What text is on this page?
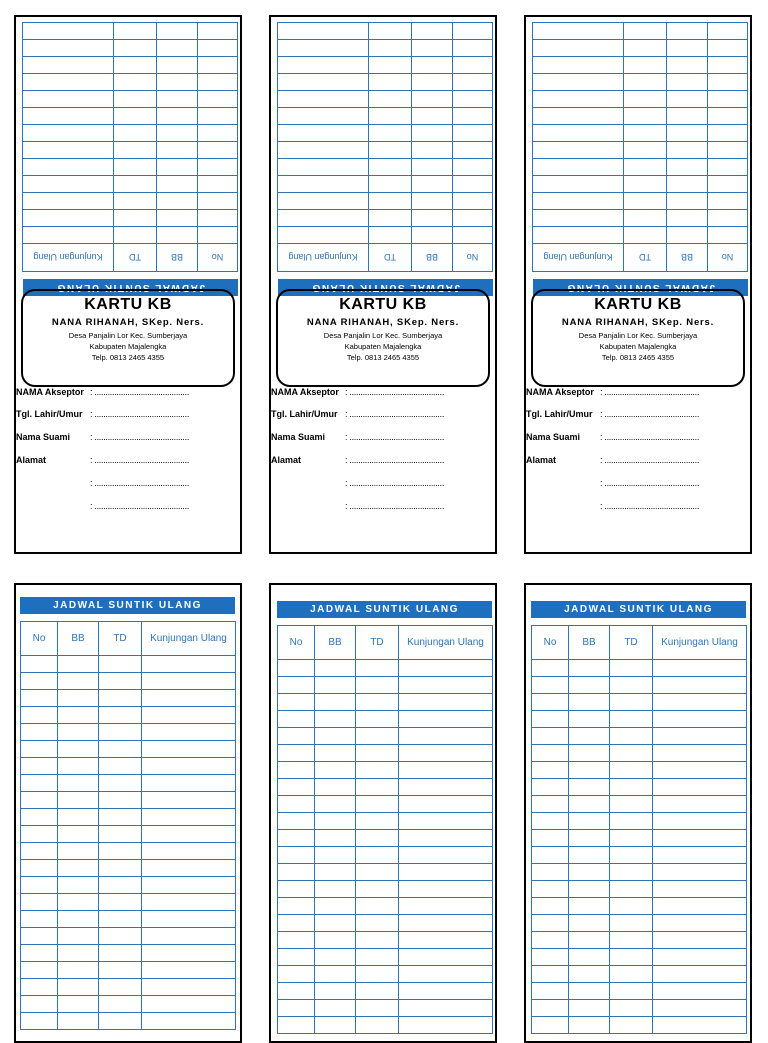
JADWAL SUNTIK ULANG
No	BB	TD	Kunjungan Ulang

KARTU KB
NANA RIHANAH, SKep. Ners.
Desa Panjalin Lor Kec. Sumberjaya
Kabupaten Majalengka
Telp. 0813 2465 4355
NAMA Akseptor : ...........................................
Tgl. Lahir/Umur : ...........................................
Nama Suami : ...........................................
Alamat	: ...........................................
: ...........................................
: ...........................................
JADWAL SUNTIK ULANG
No	BB	TD	Kunjungan Ulang

KARTU KB
NANA RIHANAH, SKep. Ners.
Desa Panjalin Lor Kec. Sumberjaya
Kabupaten Majalengka
Telp. 0813 2465 4355
NAMA Akseptor : ...........................................
Tgl. Lahir/Umur : ...........................................
Nama Suami : ...........................................
Alamat	: ...........................................
: ...........................................
: ...........................................
JADWAL SUNTIK ULANG
No	BB	TD	Kunjungan Ulang

KARTU KB
NANA RIHANAH, SKep. Ners.
Desa Panjalin Lor Kec. Sumberjaya
Kabupaten Majalengka
Telp. 0813 2465 4355
NAMA Akseptor : ...........................................
Tgl. Lahir/Umur : ...........................................
Nama Suami : ...........................................
Alamat	: ...........................................
: ...........................................
: ...........................................
JADWAL SUNTIK ULANG
No	BB	TD	Kunjungan Ulang

JADWAL SUNTIK ULANG
No	BB	TD	Kunjungan Ulang

JADWAL SUNTIK ULANG
No	BB	TD	Kunjungan Ulang
